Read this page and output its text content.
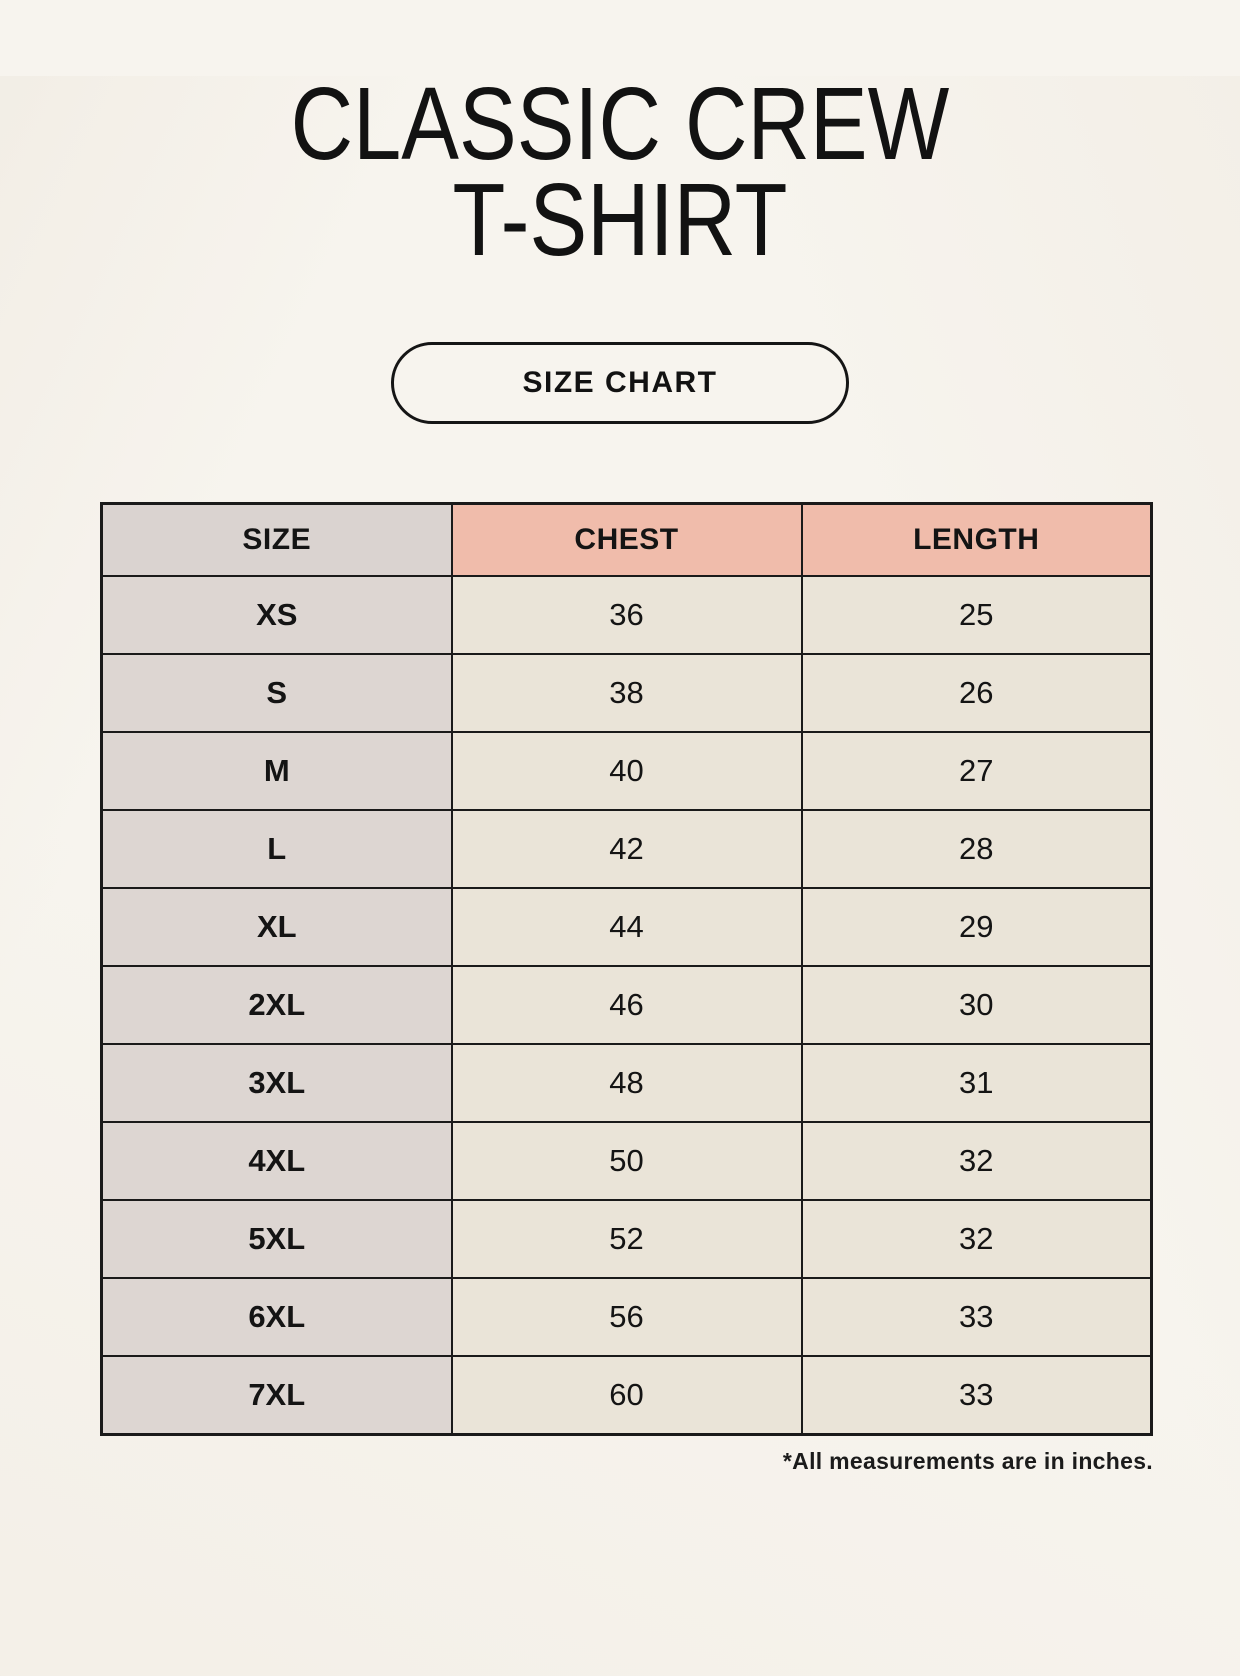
CLASSIC CREW
T-SHIRT
SIZE CHART
SIZE	CHEST	LENGTH
XS	36	25
S	38	26
M	40	27
L	42	28
XL	44	29
2XL	46	30
3XL	48	31
4XL	50	32
5XL	52	32
6XL	56	33
7XL	60	33
*All measurements are in inches.
